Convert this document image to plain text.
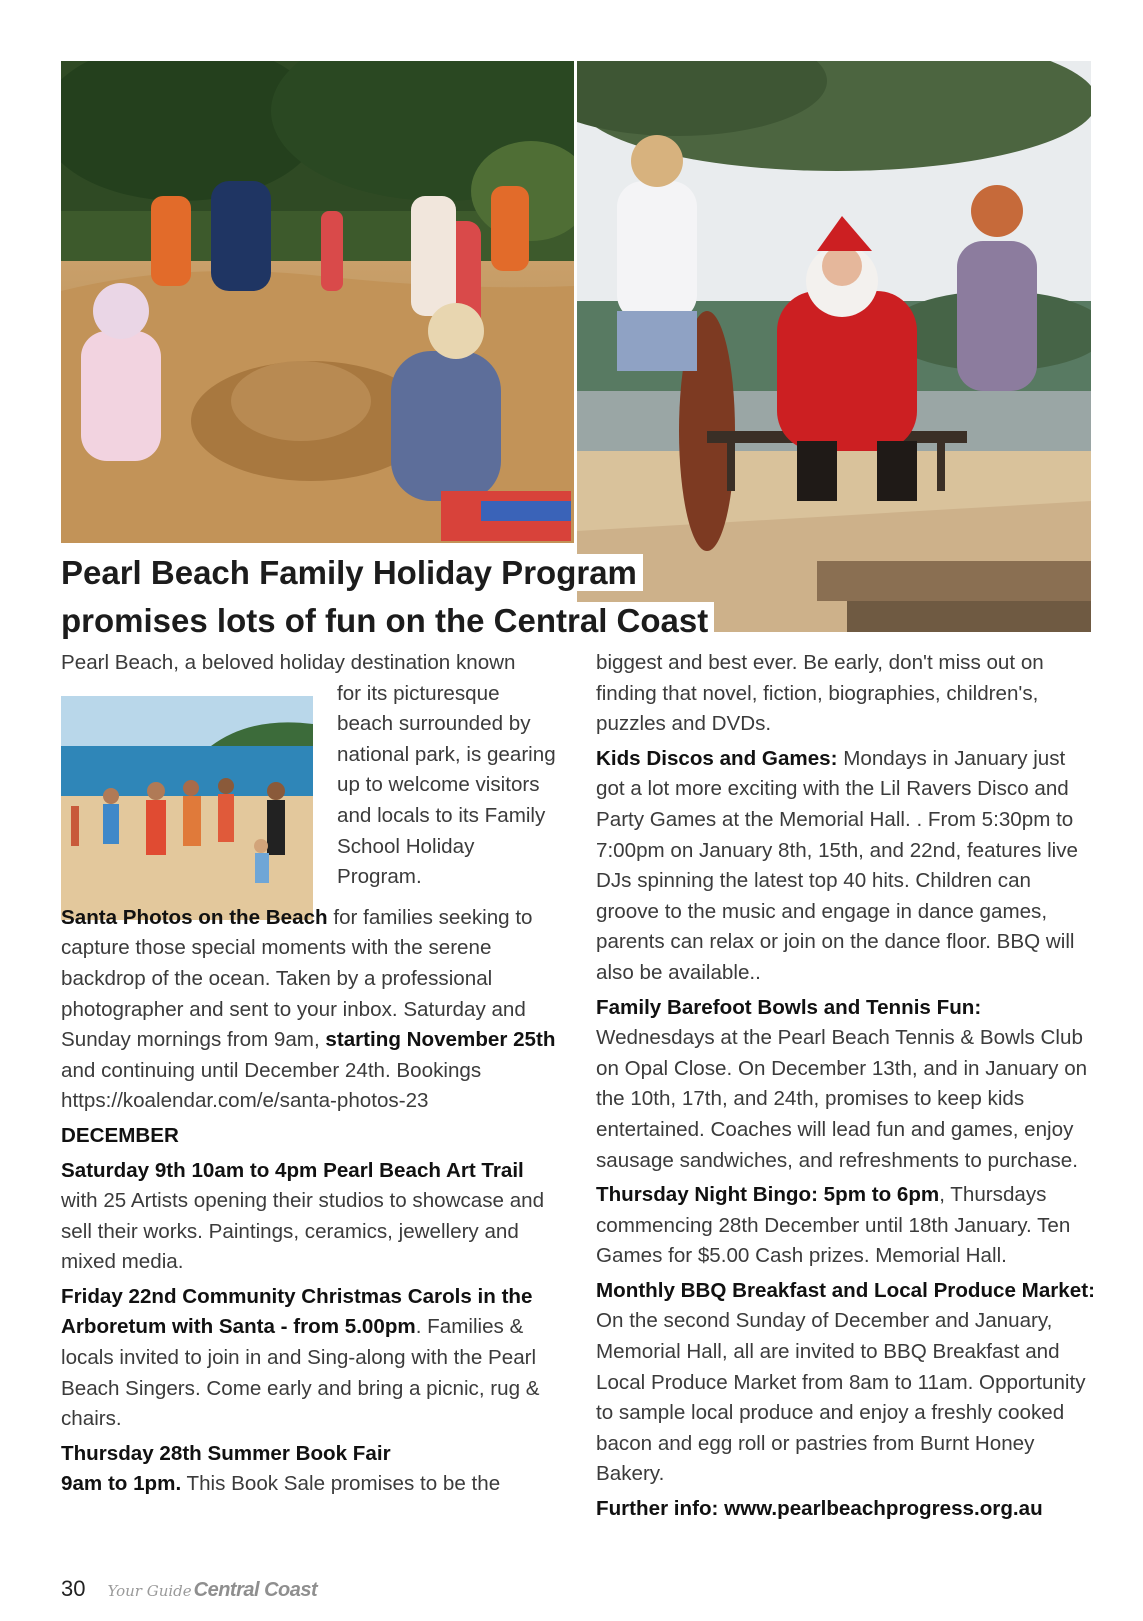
Pearl Beach Family Holiday Program
promises lots of fun on the Central Coast

Pearl Beach, a beloved holiday destination known
for its picturesque beach surrounded by national park, is gearing up to welcome visitors and locals to its Family School Holiday Program.

Santa Photos on the Beach for families seeking to capture those special moments with the serene backdrop of the ocean. Taken by a professional photographer and sent to your inbox. Saturday and Sunday mornings from 9am, starting November 25th and continuing until December 24th. Bookings https://koalendar.com/e/santa-photos-23

DECEMBER

Saturday 9th 10am to 4pm Pearl Beach Art Trail with 25 Artists opening their studios to showcase and sell their works. Paintings, ceramics, jewellery and mixed media.

Friday 22nd Community Christmas Carols in the Arboretum with Santa - from 5.00pm. Families & locals invited to join in and Sing-along with the Pearl Beach Singers. Come early and bring a picnic, rug & chairs.

Thursday 28th Summer Book Fair
9am to 1pm. This Book Sale promises to be the

biggest and best ever. Be early, don't miss out on finding that novel, fiction, biographies, children's, puzzles and DVDs.

Kids Discos and Games: Mondays in January just got a lot more exciting with the Lil Ravers Disco and Party Games at the Memorial Hall. . From 5:30pm to 7:00pm on January 8th, 15th, and 22nd, features live DJs spinning the latest top 40 hits. Children can groove to the music and engage in dance games, parents can relax or join on the dance floor. BBQ will also be available..

Family Barefoot Bowls and Tennis Fun: Wednesdays at the Pearl Beach Tennis & Bowls Club on Opal Close. On December 13th, and in January on the 10th, 17th, and 24th, promises to keep kids entertained. Coaches will lead fun and games, enjoy sausage sandwiches, and refreshments to purchase.

Thursday Night Bingo: 5pm to 6pm, Thursdays commencing 28th December until 18th January. Ten Games for $5.00 Cash prizes. Memorial Hall.

Monthly BBQ Breakfast and Local Produce Market: On the second Sunday of December and January, Memorial Hall, all are invited to BBQ Breakfast and Local Produce Market from 8am to 11am. Opportunity to sample local produce and enjoy a freshly cooked bacon and egg roll or pastries from Burnt Honey Bakery.

Further info: www.pearlbeachprogress.org.au

30 Your Guide Central Coast
